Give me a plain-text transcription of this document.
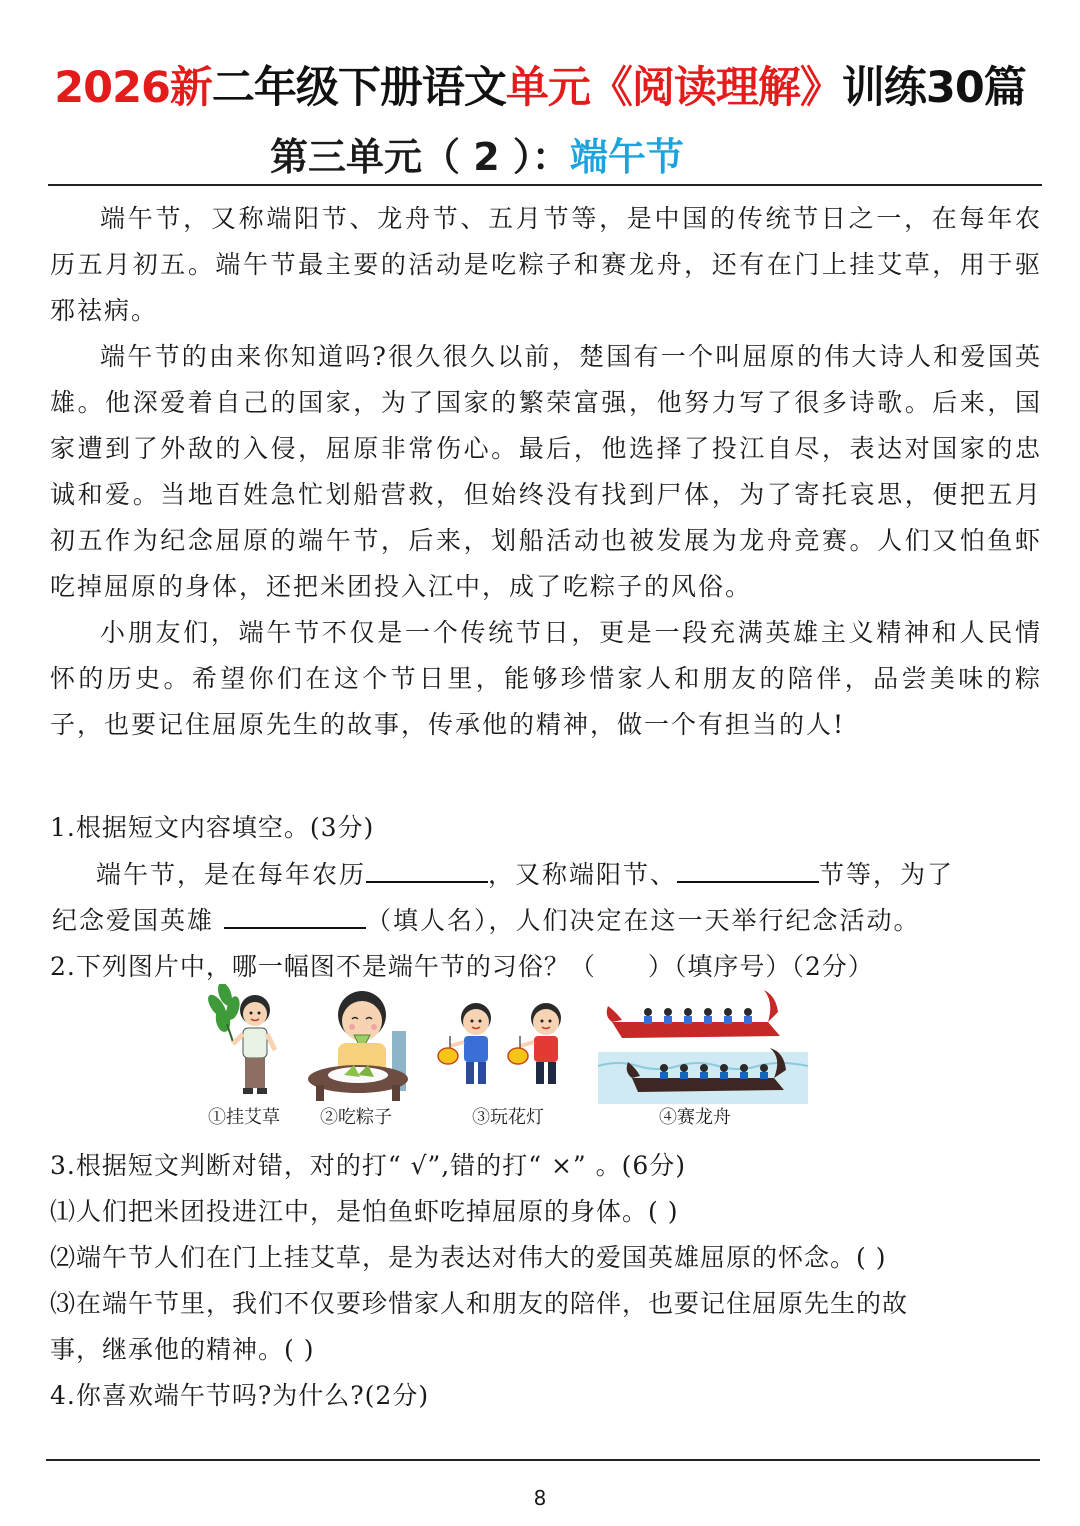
2026新二年级下册语文单元《阅读理解》训练30篇
第三单元（ 2 ）：端午节

端午节，又称端阳节、龙舟节、五月节等，是中国的传统节日之一，在每年农历五月初五。端午节最主要的活动是吃粽子和赛龙舟，还有在门上挂艾草，用于驱邪祛病。

端午节的由来你知道吗?很久很久以前，楚国有一个叫屈原的伟大诗人和爱国英雄。他深爱着自己的国家，为了国家的繁荣富强，他努力写了很多诗歌。后来，国家遭到了外敌的入侵，屈原非常伤心。最后，他选择了投江自尽，表达对国家的忠诚和爱。当地百姓急忙划船营救，但始终没有找到尸体，为了寄托哀思，便把五月初五作为纪念屈原的端午节，后来，划船活动也被发展为龙舟竞赛。人们又怕鱼虾吃掉屈原的身体，还把米团投入江中，成了吃粽子的风俗。

小朋友们，端午节不仅是一个传统节日，更是一段充满英雄主义精神和人民情怀的历史。希望你们在这个节日里，能够珍惜家人和朋友的陪伴，品尝美味的粽子，也要记住屈原先生的故事，传承他的精神，做一个有担当的人!

1.根据短文内容填空。(3分)

端午节，是在每年农历	，又称端阳节、	节等，为了

纪念爱国英雄	（填人名），人们决定在这一天举行纪念活动。

2.下列图片中，哪一幅图不是端午节的习俗？（　　）（填序号）（2分）
①挂艾草 ②吃粽子	③玩花灯	④赛龙舟
3.根据短文判断对错，对的打“ √”,错的打“ ×” 。(6分)
⑴人们把米团投进江中，是怕鱼虾吃掉屈原的身体。( )
⑵端午节人们在门上挂艾草，是为表达对伟大的爱国英雄屈原的怀念。( )
⑶在端午节里，我们不仅要珍惜家人和朋友的陪伴，也要记住屈原先生的故
事，继承他的精神。( )
4.你喜欢端午节吗?为什么?(2分)
8
